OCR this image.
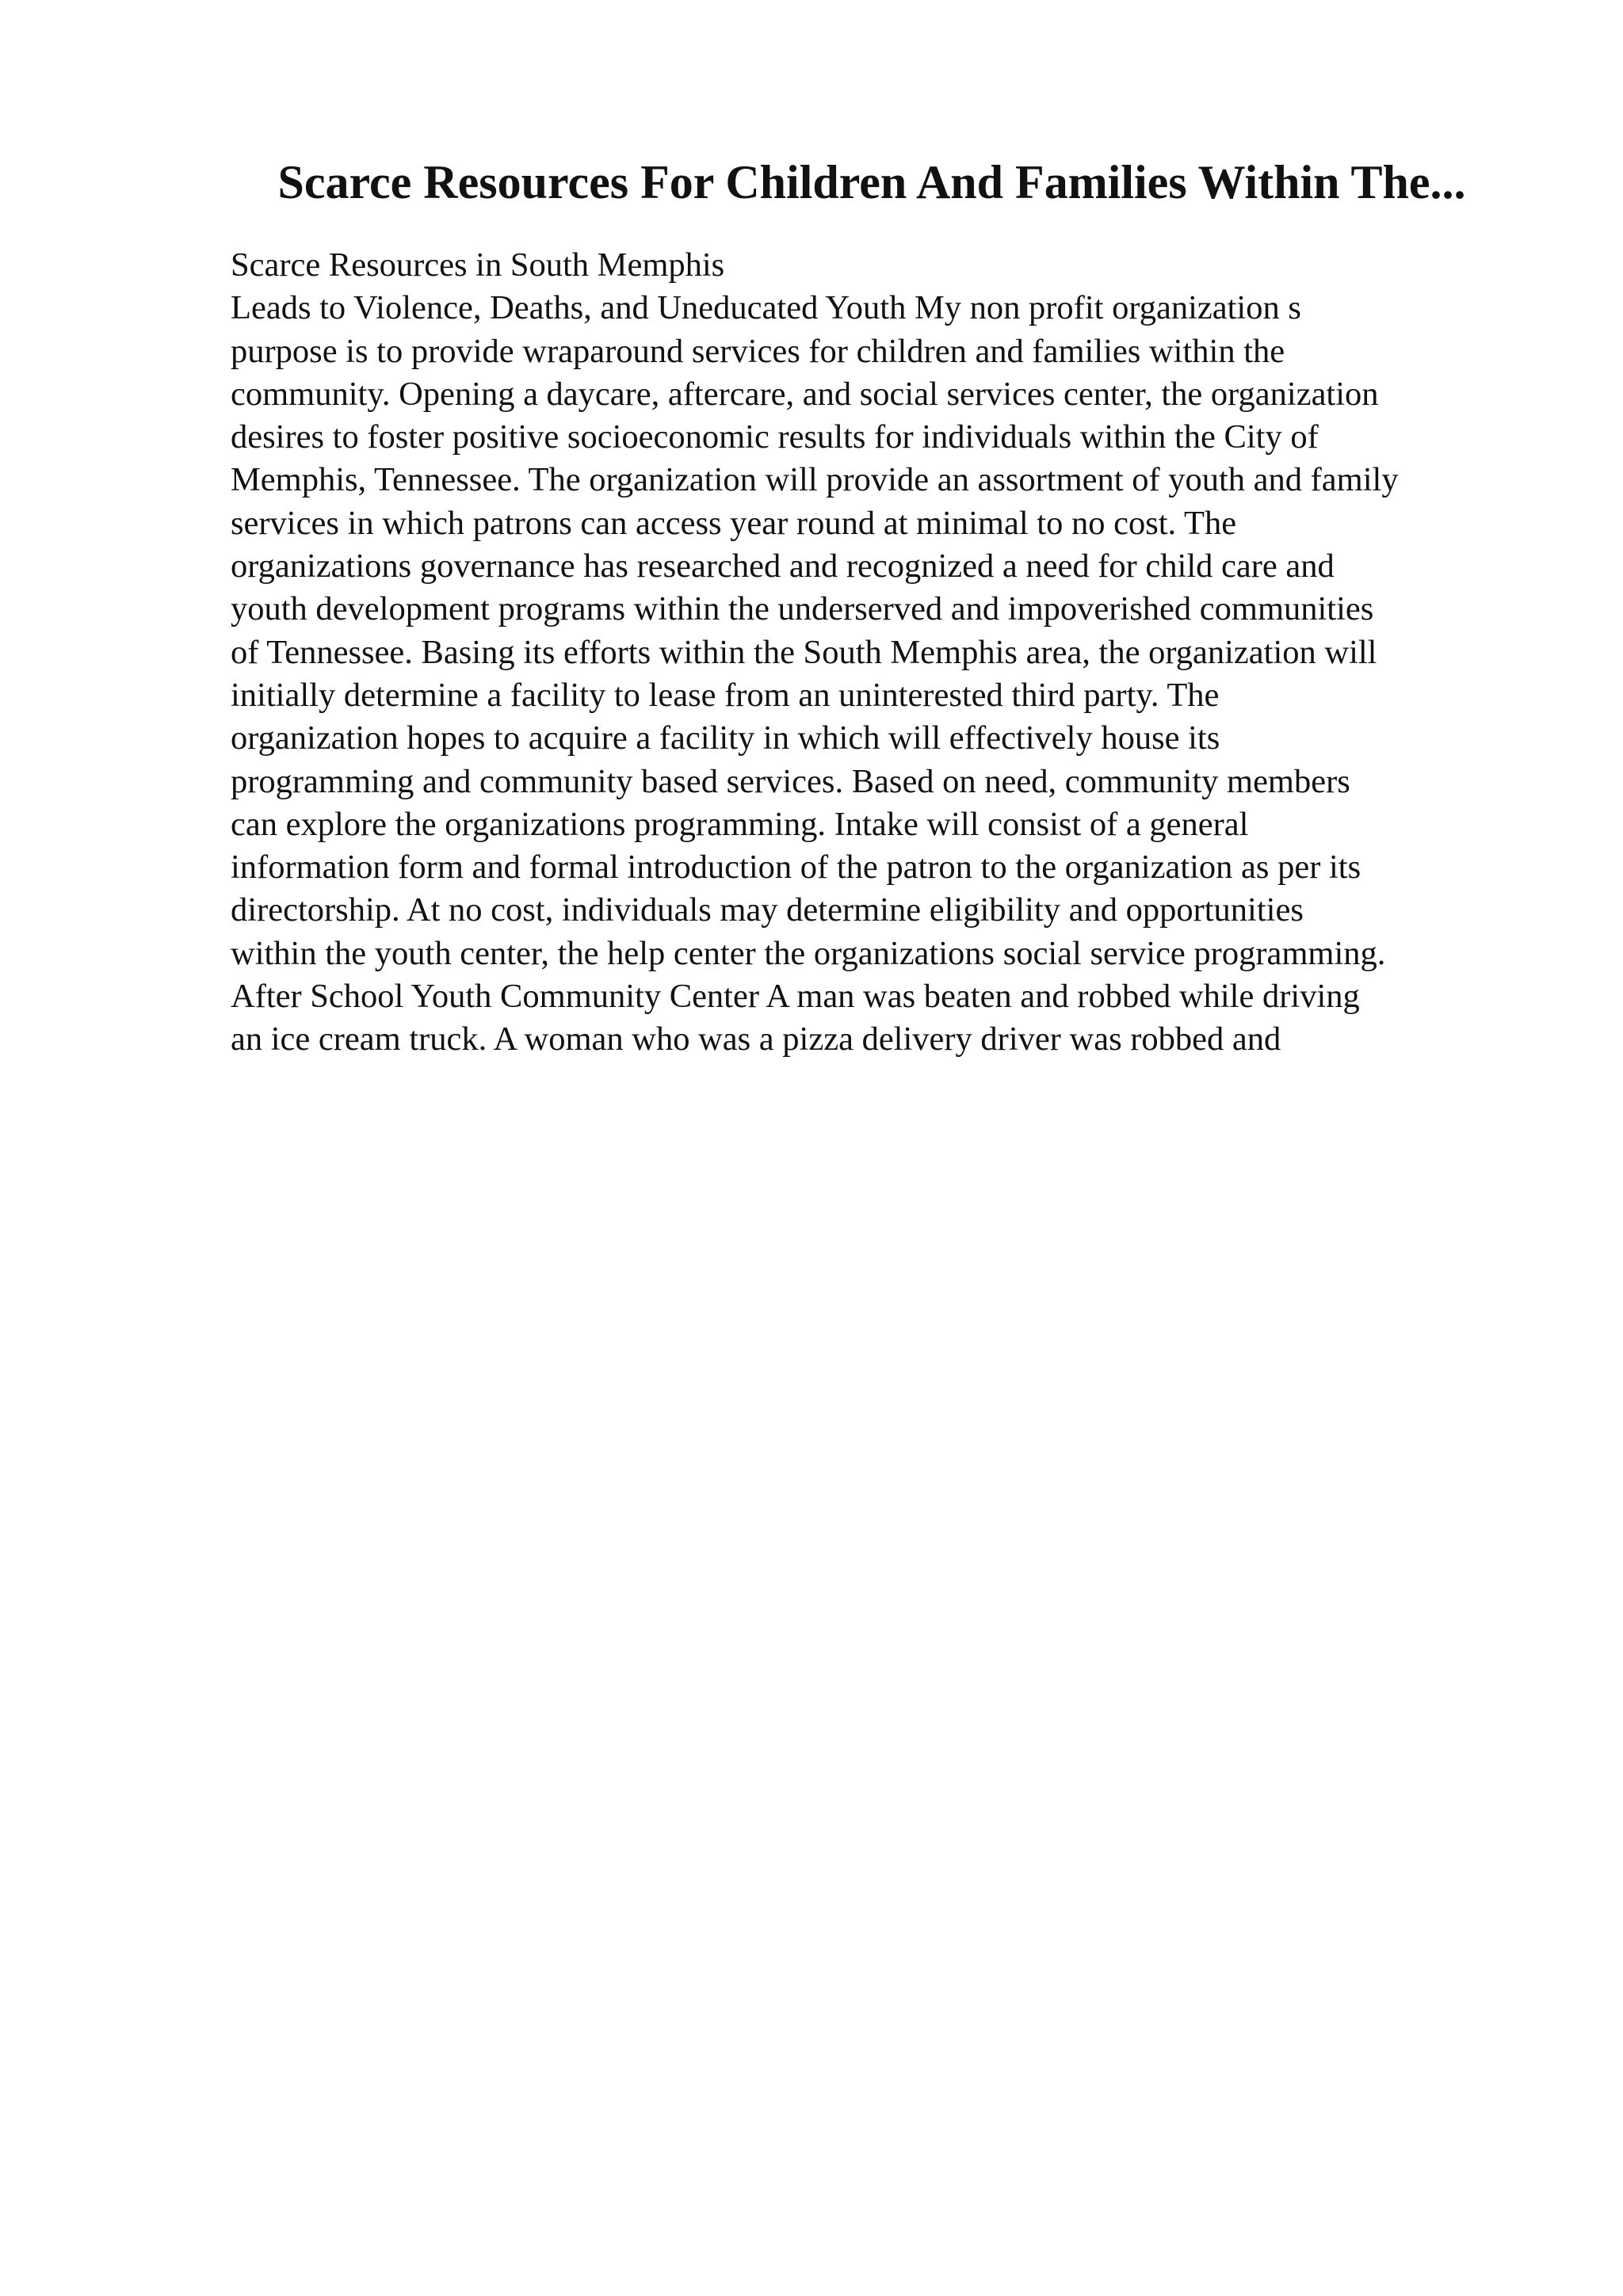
Scarce Resources For Children And Families Within The...
Scarce Resources in South Memphis
Leads to Violence, Deaths, and Uneducated Youth My non profit organization s
purpose is to provide wraparound services for children and families within the
community. Opening a daycare, aftercare, and social services center, the organization
desires to foster positive socioeconomic results for individuals within the City of
Memphis, Tennessee. The organization will provide an assortment of youth and family
services in which patrons can access year round at minimal to no cost. The
organizations governance has researched and recognized a need for child care and
youth development programs within the underserved and impoverished communities
of Tennessee. Basing its efforts within the South Memphis area, the organization will
initially determine a facility to lease from an uninterested third party. The
organization hopes to acquire a facility in which will effectively house its
programming and community based services. Based on need, community members
can explore the organizations programming. Intake will consist of a general
information form and formal introduction of the patron to the organization as per its
directorship. At no cost, individuals may determine eligibility and opportunities
within the youth center, the help center the organizations social service programming.
After School Youth Community Center A man was beaten and robbed while driving
an ice cream truck. A woman who was a pizza delivery driver was robbed and
